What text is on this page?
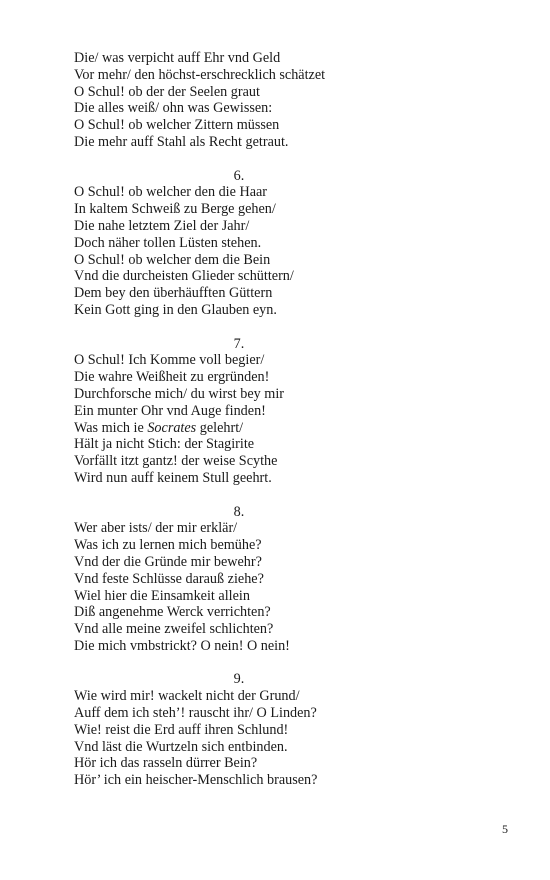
Die/ was verpicht auff Ehr vnd Geld
Vor mehr/ den höchst-erschrecklich schätzet
O Schul! ob der der Seelen graut
Die alles weiß/ ohn was Gewissen:
O Schul! ob welcher Zittern müssen
Die mehr auff Stahl als Recht getraut.
6.
O Schul! ob welcher den die Haar
In kaltem Schweiß zu Berge gehen/
Die nahe letztem Ziel der Jahr/
Doch näher tollen Lüsten stehen.
O Schul! ob welcher dem die Bein
Vnd die durcheisten Glieder schüttern/
Dem bey den überhäufften Güttern
Kein Gott ging in den Glauben eyn.
7.
O Schul! Ich Komme voll begier/
Die wahre Weißheit zu ergründen!
Durchforsche mich/ du wirst bey mir
Ein munter Ohr vnd Auge finden!
Was mich ie Socrates gelehrt/
Hält ja nicht Stich: der Stagirite
Vorfällt itzt gantz! der weise Scythe
Wird nun auff keinem Stull geehrt.
8.
Wer aber ists/ der mir erklär/
Was ich zu lernen mich bemühe?
Vnd der die Gründe mir bewehr?
Vnd feste Schlüsse darauß ziehe?
Wiel hier die Einsamkeit allein
Diß angenehme Werck verrichten?
Vnd alle meine zweifel schlichten?
Die mich vmbstrickt? O nein! O nein!
9.
Wie wird mir! wackelt nicht der Grund/
Auff dem ich steh’! rauscht ihr/ O Linden?
Wie! reist die Erd auff ihren Schlund!
Vnd läst die Wurtzeln sich entbinden.
Hör ich das rasseln dürrer Bein?
Hör’ ich ein heischer-Menschlich brausen?
5
